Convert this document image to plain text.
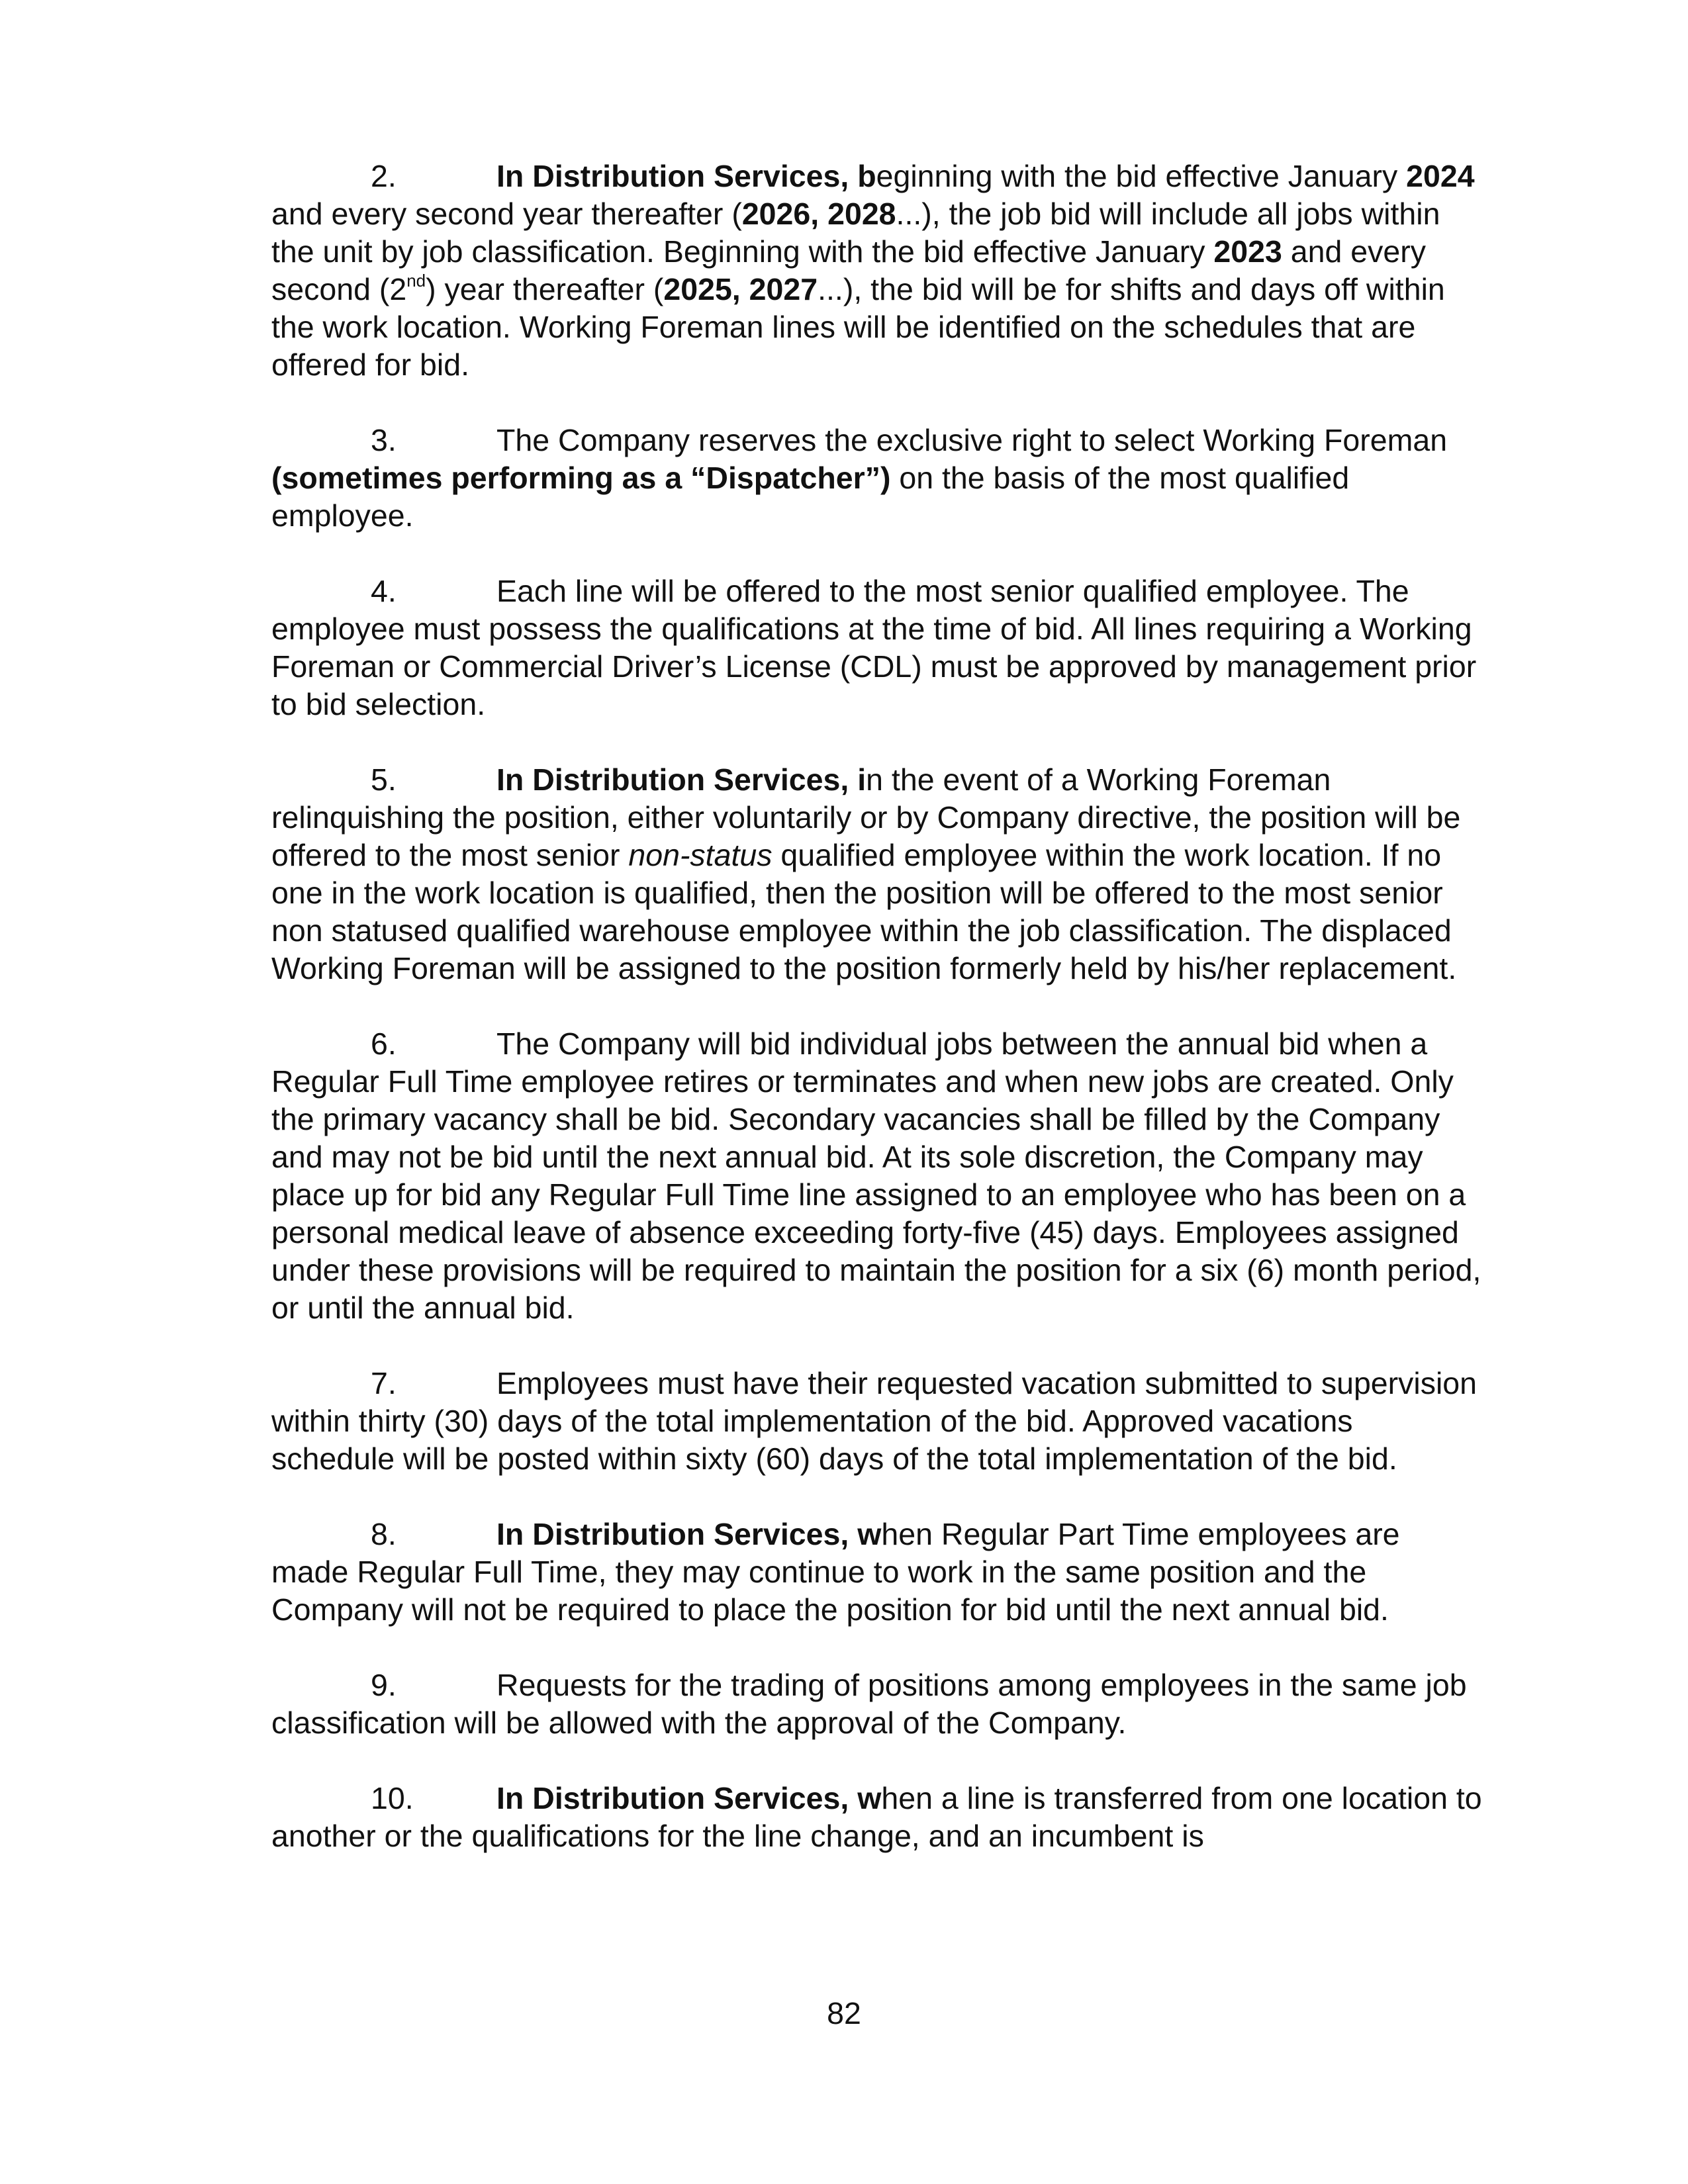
2.	In Distribution Services, beginning with the bid effective January 2024 and every second year thereafter (2026, 2028...), the job bid will include all jobs within the unit by job classification. Beginning with the bid effective January 2023 and every second (2nd) year thereafter (2025, 2027...), the bid will be for shifts and days off within the work location. Working Foreman lines will be identified on the schedules that are offered for bid.

3.	The Company reserves the exclusive right to select Working Foreman (sometimes performing as a “Dispatcher”) on the basis of the most qualified employee.

4.	Each line will be offered to the most senior qualified employee. The employee must possess the qualifications at the time of bid. All lines requiring a Working Foreman or Commercial Driver’s License (CDL) must be approved by management prior to bid selection.

5.	In Distribution Services, in the event of a Working Foreman relinquishing the position, either voluntarily or by Company directive, the position will be offered to the most senior non-status qualified employee within the work location. If no one in the work location is qualified, then the position will be offered to the most senior non statused qualified warehouse employee within the job classification. The displaced Working Foreman will be assigned to the position formerly held by his/her replacement.

6.	The Company will bid individual jobs between the annual bid when a Regular Full Time employee retires or terminates and when new jobs are created. Only the primary vacancy shall be bid. Secondary vacancies shall be filled by the Company and may not be bid until the next annual bid. At its sole discretion, the Company may place up for bid any Regular Full Time line assigned to an employee who has been on a personal medical leave of absence exceeding forty-five (45) days. Employees assigned under these provisions will be required to maintain the position for a six (6) month period, or until the annual bid.

7.	Employees must have their requested vacation submitted to supervision within thirty (30) days of the total implementation of the bid. Approved vacations schedule will be posted within sixty (60) days of the total implementation of the bid.

8.	In Distribution Services, when Regular Part Time employees are made Regular Full Time, they may continue to work in the same position and the Company will not be required to place the position for bid until the next annual bid.

9.	Requests for the trading of positions among employees in the same job classification will be allowed with the approval of the Company.

10.	In Distribution Services, when a line is transferred from one location to another or the qualifications for the line change, and an incumbent is

82
